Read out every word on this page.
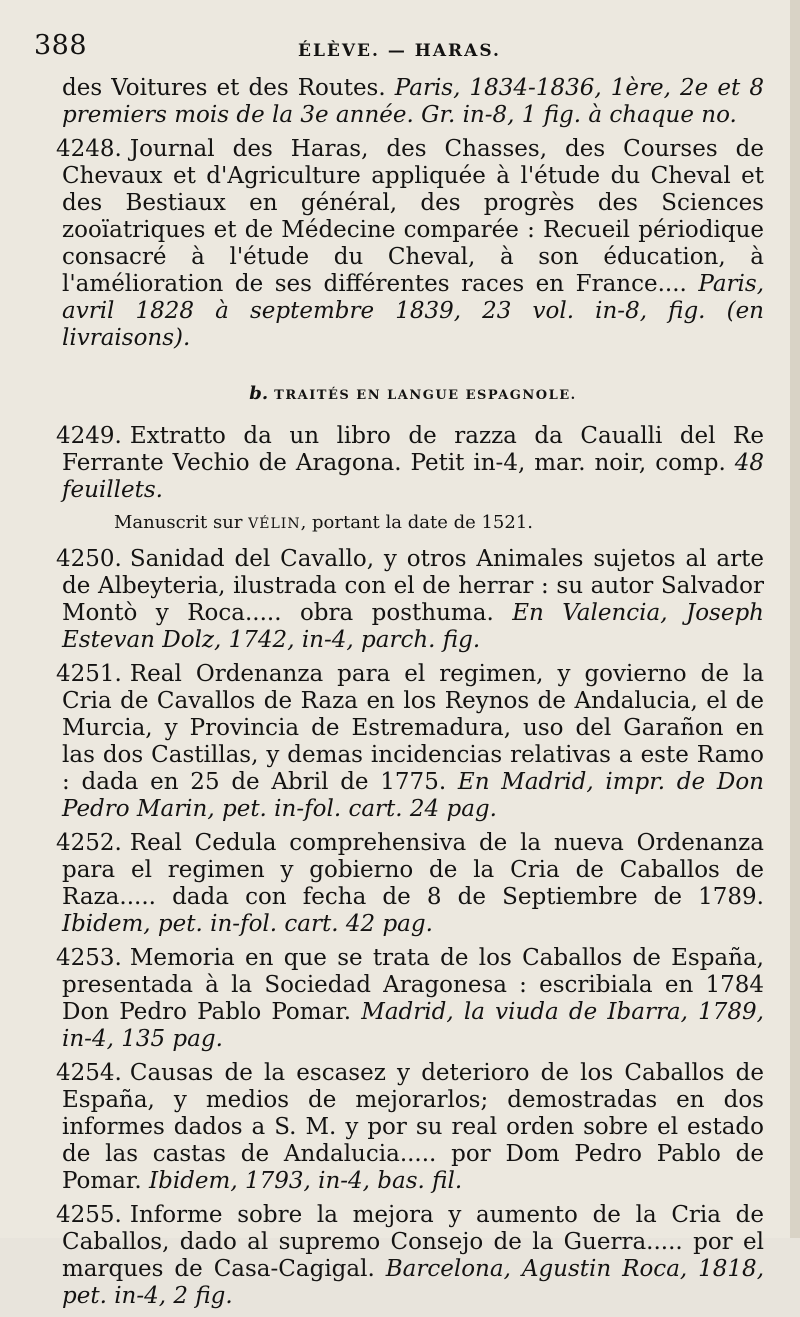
388	ÉLÈVE. — HARAS.

des Voitures et des Routes. Paris, 1834-1836, 1ère, 2e et 8 premiers mois de la 3e année. Gr. in-8, 1 fig. à chaque no.

4248. Journal des Haras, des Chasses, des Courses de Chevaux et d'Agriculture appliquée à l'étude du Cheval et des Bestiaux en général, des progrès des Sciences zooïatriques et de Médecine comparée : Recueil périodique consacré à l'étude du Cheval, à son éducation, à l'amélioration de ses différentes races en France.... Paris, avril 1828 à septembre 1839, 23 vol. in-8, fig. (en livraisons).

b. TRAITÉS EN LANGUE ESPAGNOLE.

4249. Extratto da un libro de razza da Caualli del Re Ferrante Vechio de Aragona. Petit in-4, mar. noir, comp. 48 feuillets.

Manuscrit sur VÉLIN, portant la date de 1521.

4250. Sanidad del Cavallo, y otros Animales sujetos al arte de Albeyteria, ilustrada con el de herrar : su autor Salvador Montò y Roca..... obra posthuma. En Valencia, Joseph Estevan Dolz, 1742, in-4, parch. fig.

4251. Real Ordenanza para el regimen, y govierno de la Cria de Cavallos de Raza en los Reynos de Andalucia, el de Murcia, y Provincia de Estremadura, uso del Garañon en las dos Castillas, y demas incidencias relativas a este Ramo : dada en 25 de Abril de 1775. En Madrid, impr. de Don Pedro Marin, pet. in-fol. cart. 24 pag.

4252. Real Cedula comprehensiva de la nueva Ordenanza para el regimen y gobierno de la Cria de Caballos de Raza..... dada con fecha de 8 de Septiembre de 1789. Ibidem, pet. in-fol. cart. 42 pag.

4253. Memoria en que se trata de los Caballos de España, presentada à la Sociedad Aragonesa : escribiala en 1784 Don Pedro Pablo Pomar. Madrid, la viuda de Ibarra, 1789, in-4, 135 pag.

4254. Causas de la escasez y deterioro de los Caballos de España, y medios de mejorarlos; demostradas en dos informes dados a S. M. y por su real orden sobre el estado de las castas de Andalucia..... por Dom Pedro Pablo de Pomar. Ibidem, 1793, in-4, bas. fil.

4255. Informe sobre la mejora y aumento de la Cria de Caballos, dado al supremo Consejo de la Guerra..... por el marques de Casa-Cagigal. Barcelona, Agustin Roca, 1818, pet. in-4, 2 fig.
